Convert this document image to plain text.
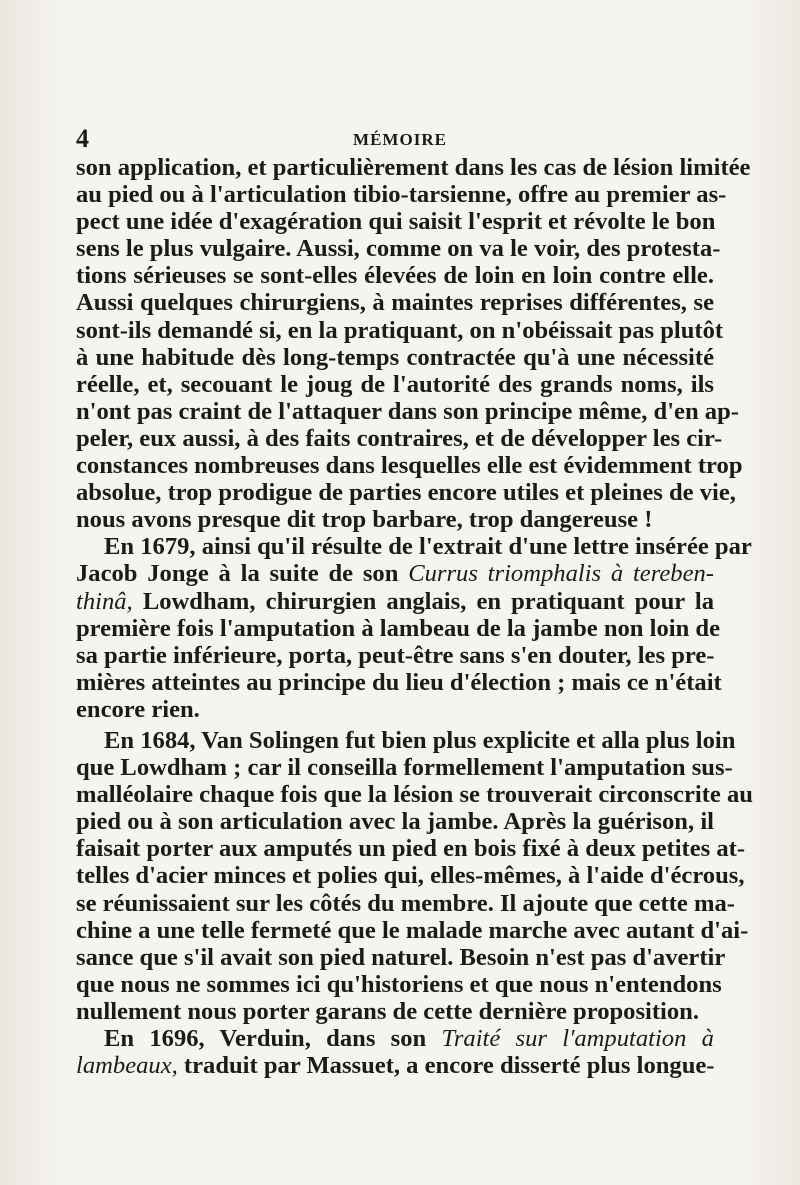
4	MÉMOIRE
son application, et particulièrement dans les cas de lésion limitée
au pied ou à l'articulation tibio-tarsienne, offre au premier as-
pect une idée d'exagération qui saisit l'esprit et révolte le bon
sens le plus vulgaire. Aussi, comme on va le voir, des protesta-
tions sérieuses se sont-elles élevées de loin en loin contre elle.
Aussi quelques chirurgiens, à maintes reprises différentes, se
sont-ils demandé si, en la pratiquant, on n'obéissait pas plutôt
à une habitude dès long-temps contractée qu'à une nécessité
réelle, et, secouant le joug de l'autorité des grands noms, ils
n'ont pas craint de l'attaquer dans son principe même, d'en ap-
peler, eux aussi, à des faits contraires, et de développer les cir-
constances nombreuses dans lesquelles elle est évidemment trop
absolue, trop prodigue de parties encore utiles et pleines de vie,
nous avons presque dit trop barbare, trop dangereuse !
En 1679, ainsi qu'il résulte de l'extrait d'une lettre insérée par
Jacob Jonge à la suite de son Currus triomphalis à tereben-
thinâ, Lowdham, chirurgien anglais, en pratiquant pour la
première fois l'amputation à lambeau de la jambe non loin de
sa partie inférieure, porta, peut-être sans s'en douter, les pre-
mières atteintes au principe du lieu d'élection ; mais ce n'était
encore rien.
En 1684, Van Solingen fut bien plus explicite et alla plus loin
que Lowdham ; car il conseilla formellement l'amputation sus-
malléolaire chaque fois que la lésion se trouverait circonscrite au
pied ou à son articulation avec la jambe. Après la guérison, il
faisait porter aux amputés un pied en bois fixé à deux petites at-
telles d'acier minces et polies qui, elles-mêmes, à l'aide d'écrous,
se réunissaient sur les côtés du membre. Il ajoute que cette ma-
chine a une telle fermeté que le malade marche avec autant d'ai-
sance que s'il avait son pied naturel. Besoin n'est pas d'avertir
que nous ne sommes ici qu'historiens et que nous n'entendons
nullement nous porter garans de cette dernière proposition.
En 1696, Verduin, dans son Traité sur l'amputation à
lambeaux, traduit par Massuet, a encore disserté plus longue-
